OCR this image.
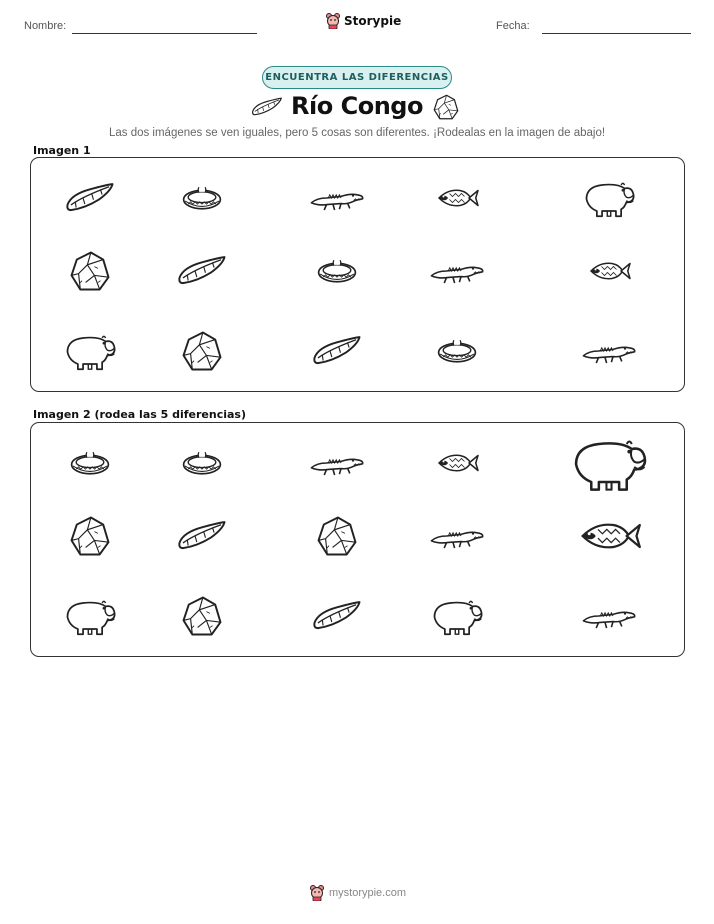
Nombre:	Storypie	Fecha:
ENCUENTRA LAS DIFERENCIAS
Río Congo
Las dos imágenes se ven iguales, pero 5 cosas son diferentes. ¡Rodealas en la imagen de abajo!
Imagen 1
Imagen 2 (rodea las 5 diferencias)
mystorypie.com
